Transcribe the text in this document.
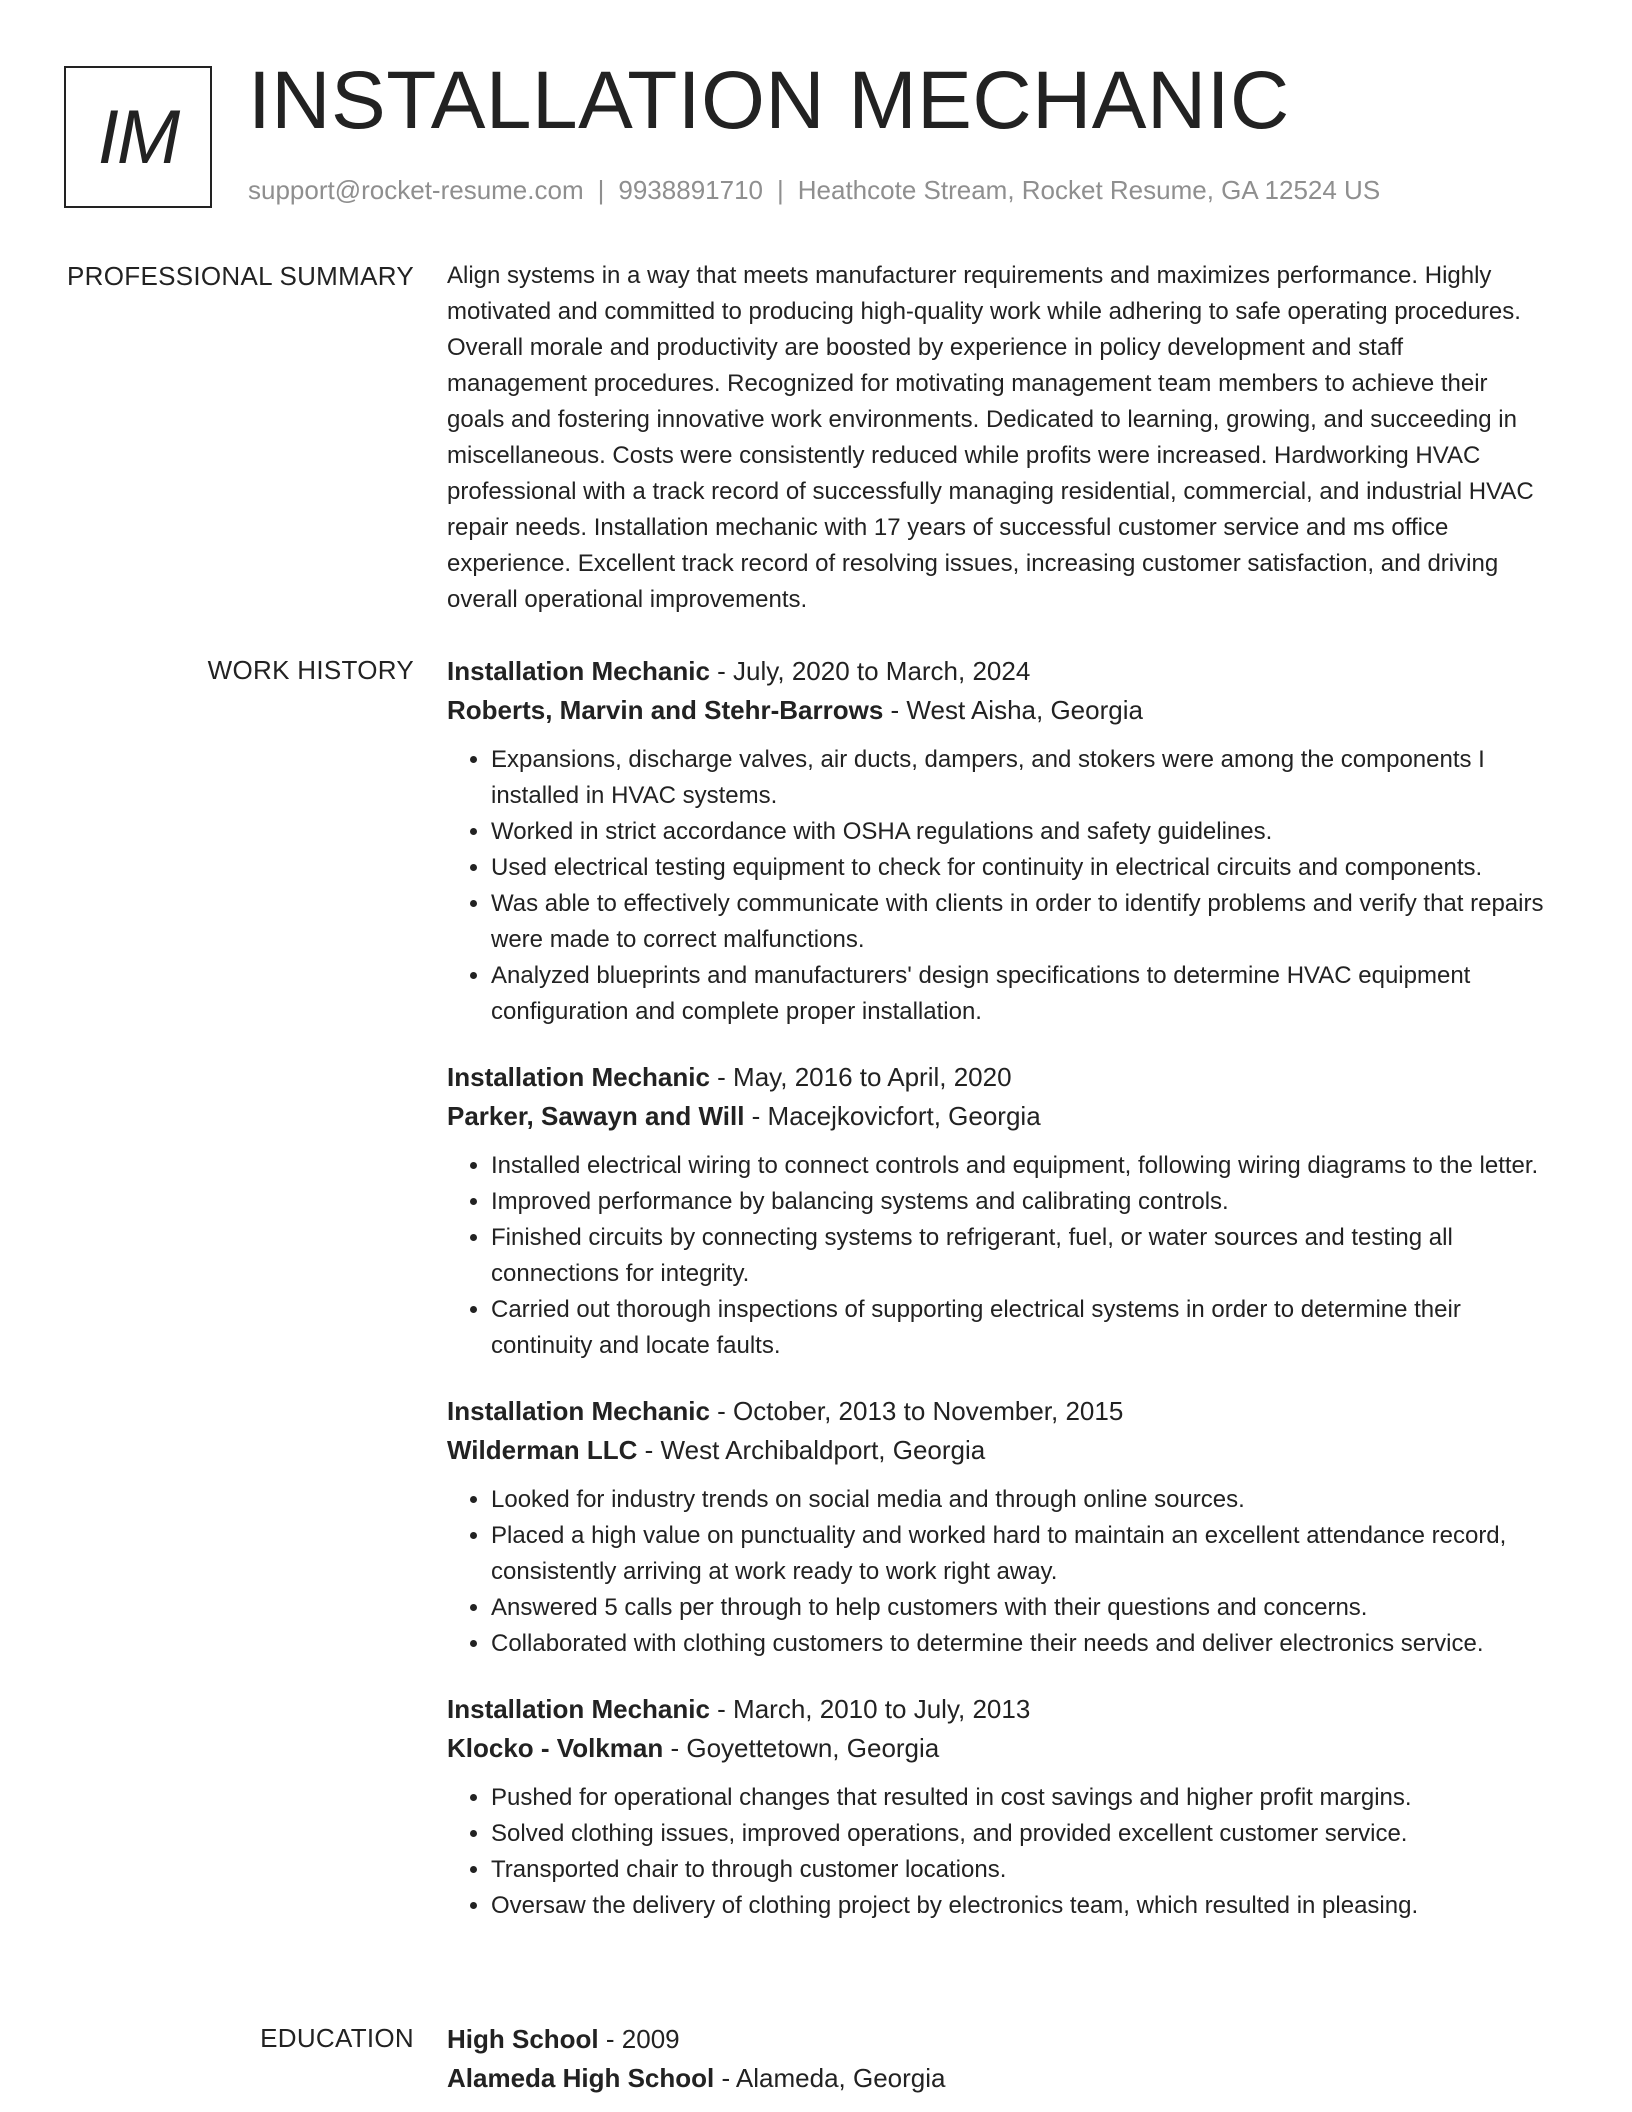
IM INSTALLATION MECHANIC
support@rocket-resume.com | 9938891710 | Heathcote Stream, Rocket Resume, GA 12524 US
PROFESSIONAL SUMMARY Align systems in a way that meets manufacturer requirements and maximizes performance. Highly motivated and committed to producing high-quality work while adhering to safe operating procedures. Overall morale and productivity are boosted by experience in policy development and staff management procedures. Recognized for motivating management team members to achieve their goals and fostering innovative work environments. Dedicated to learning, growing, and succeeding in miscellaneous. Costs were consistently reduced while profits were increased. Hardworking HVAC professional with a track record of successfully managing residential, commercial, and industrial HVAC repair needs. Installation mechanic with 17 years of successful customer service and ms office experience. Excellent track record of resolving issues, increasing customer satisfaction, and driving overall operational improvements.

WORK HISTORY Installation Mechanic - July, 2020 to March, 2024
Roberts, Marvin and Stehr-Barrows - West Aisha, Georgia
• Expansions, discharge valves, air ducts, dampers, and stokers were among the components I installed in HVAC systems.
• Worked in strict accordance with OSHA regulations and safety guidelines.
• Used electrical testing equipment to check for continuity in electrical circuits and components.
• Was able to effectively communicate with clients in order to identify problems and verify that repairs were made to correct malfunctions.
• Analyzed blueprints and manufacturers' design specifications to determine HVAC equipment configuration and complete proper installation.
Installation Mechanic - May, 2016 to April, 2020
Parker, Sawayn and Will - Macejkovicfort, Georgia
• Installed electrical wiring to connect controls and equipment, following wiring diagrams to the letter.
• Improved performance by balancing systems and calibrating controls.
• Finished circuits by connecting systems to refrigerant, fuel, or water sources and testing all connections for integrity.
• Carried out thorough inspections of supporting electrical systems in order to determine their continuity and locate faults.
Installation Mechanic - October, 2013 to November, 2015
Wilderman LLC - West Archibaldport, Georgia
• Looked for industry trends on social media and through online sources.
• Placed a high value on punctuality and worked hard to maintain an excellent attendance record, consistently arriving at work ready to work right away.
• Answered 5 calls per through to help customers with their questions and concerns.
• Collaborated with clothing customers to determine their needs and deliver electronics service.
Installation Mechanic - March, 2010 to July, 2013
Klocko - Volkman - Goyettetown, Georgia
• Pushed for operational changes that resulted in cost savings and higher profit margins.
• Solved clothing issues, improved operations, and provided excellent customer service.
• Transported chair to through customer locations.
• Oversaw the delivery of clothing project by electronics team, which resulted in pleasing.
EDUCATION High School - 2009
Alameda High School - Alameda, Georgia
